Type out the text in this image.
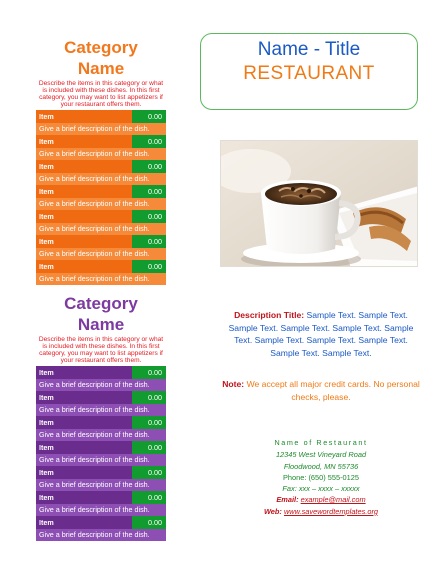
Category
Name

Describe the items in this category or what is included with these dishes. In this first category, you may want to list appetizers if your restaurant offers them.

Item	0.00
Give a brief description of the dish.	
Item	0.00
Give a brief description of the dish.	
Item	0.00
Give a brief description of the dish.	
Item	0.00
Give a brief description of the dish.	
Item	0.00
Give a brief description of the dish.	
Item	0.00
Give a brief description of the dish.	
Item	0.00
Give a brief description of the dish.	
Category
Name

Describe the items in this category or what is included with these dishes. In this first category, you may want to list appetizers if your restaurant offers them.

Item	0.00
Give a brief description of the dish.	
Item	0.00
Give a brief description of the dish.	
Item	0.00
Give a brief description of the dish.	
Item	0.00
Give a brief description of the dish.	
Item	0.00
Give a brief description of the dish.	
Item	0.00
Give a brief description of the dish.	
Item	0.00
Give a brief description of the dish.	
Name - Title
RESTAURANT
Description Title: Sample Text. Sample Text. Sample Text. Sample Text. Sample Text. Sample Text. Sample Text. Sample Text. Sample Text. Sample Text. Sample Text.
Note: We accept all major credit cards. No personal checks, please.
Name of Restaurant
12345 West Vineyard Road
Floodwood, MN 55736
Phone: (650) 555-0125
Fax: xxx – xxxx – xxxxx
Email: example@mail.com
Web: www.savewordtemplates.org
